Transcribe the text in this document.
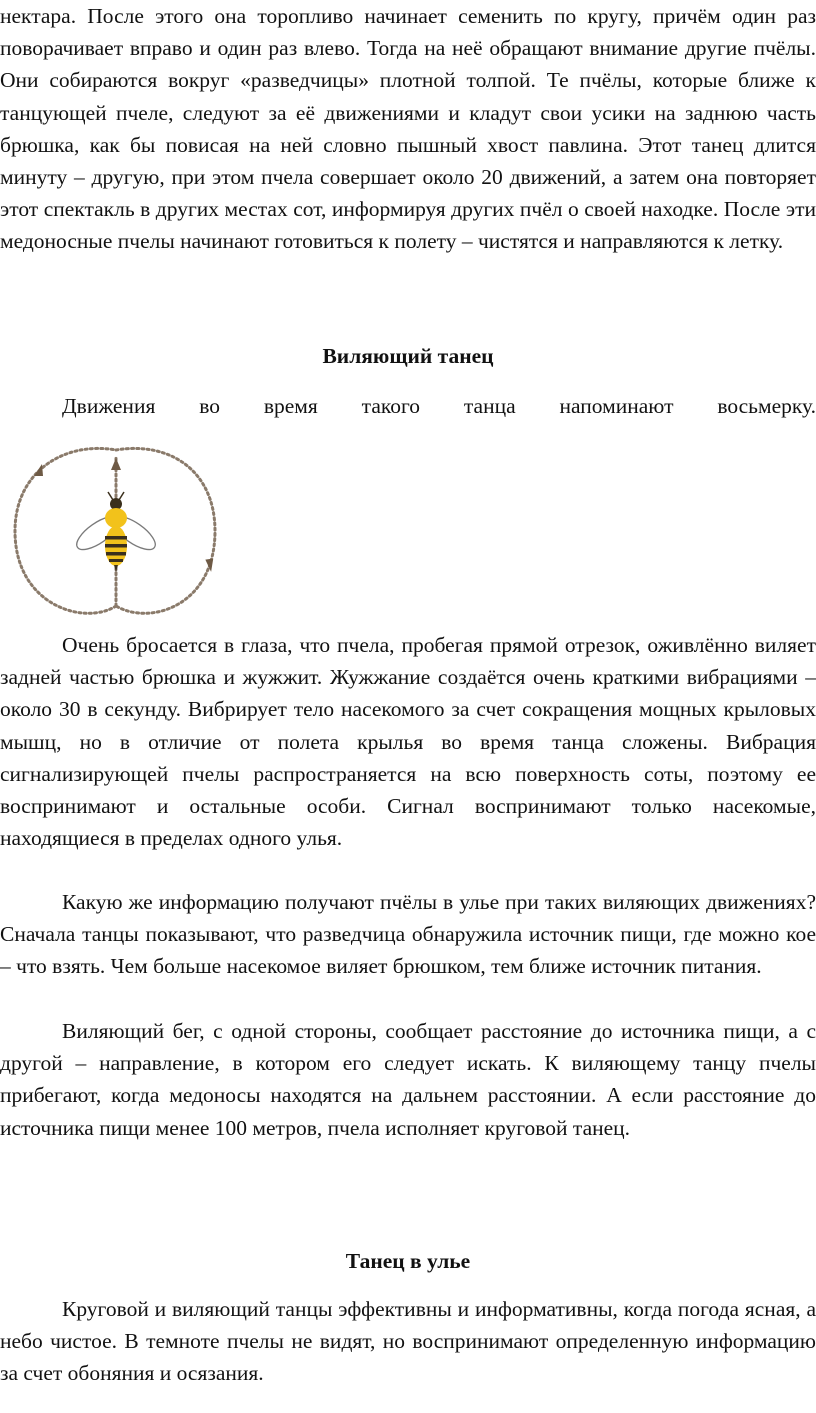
нектара. После этого она торопливо начинает семенить по кругу, причём один раз поворачивает вправо и один раз влево. Тогда на неё обращают внимание другие пчёлы. Они собираются вокруг «разведчицы» плотной толпой. Те пчёлы, которые ближе к танцующей пчеле, следуют за её движениями и кладут свои усики на заднюю часть брюшка, как бы повисая на ней словно пышный хвост павлина. Этот танец длится минуту – другую, при этом пчела совершает около 20 движений, а затем она повторяет этот спектакль в других местах сот, информируя других пчёл о своей находке. После эти медоносные пчелы начинают готовиться к полету – чистятся и направляются к летку.

Виляющий танец

Движения во время такого танца напоминают восьмерку.

Очень бросается в глаза, что пчела, пробегая прямой отрезок, оживлённо виляет задней частью брюшка и жужжит. Жужжание создаётся очень краткими вибрациями – около 30 в секунду. Вибрирует тело насекомого за счет сокращения мощных крыловых мышц, но в отличие от полета крылья во время танца сложены. Вибрация сигнализирующей пчелы распространяется на всю поверхность соты, поэтому ее воспринимают и остальные особи. Сигнал воспринимают только насекомые, находящиеся в пределах одного улья.

Какую же информацию получают пчёлы в улье при таких виляющих движениях? Сначала танцы показывают, что разведчица обнаружила источник пищи, где можно кое – что взять. Чем больше насекомое виляет брюшком, тем ближе источник питания.

Виляющий бег, с одной стороны, сообщает расстояние до источника пищи, а с другой – направление, в котором его следует искать. К виляющему танцу пчелы прибегают, когда медоносы находятся на дальнем расстоянии. А если расстояние до источника пищи менее 100 метров, пчела исполняет круговой танец.

Танец в улье

Круговой и виляющий танцы эффективны и информативны, когда погода ясная, а небо чистое. В темноте пчелы не видят, но воспринимают определенную информацию за счет обоняния и осязания.
